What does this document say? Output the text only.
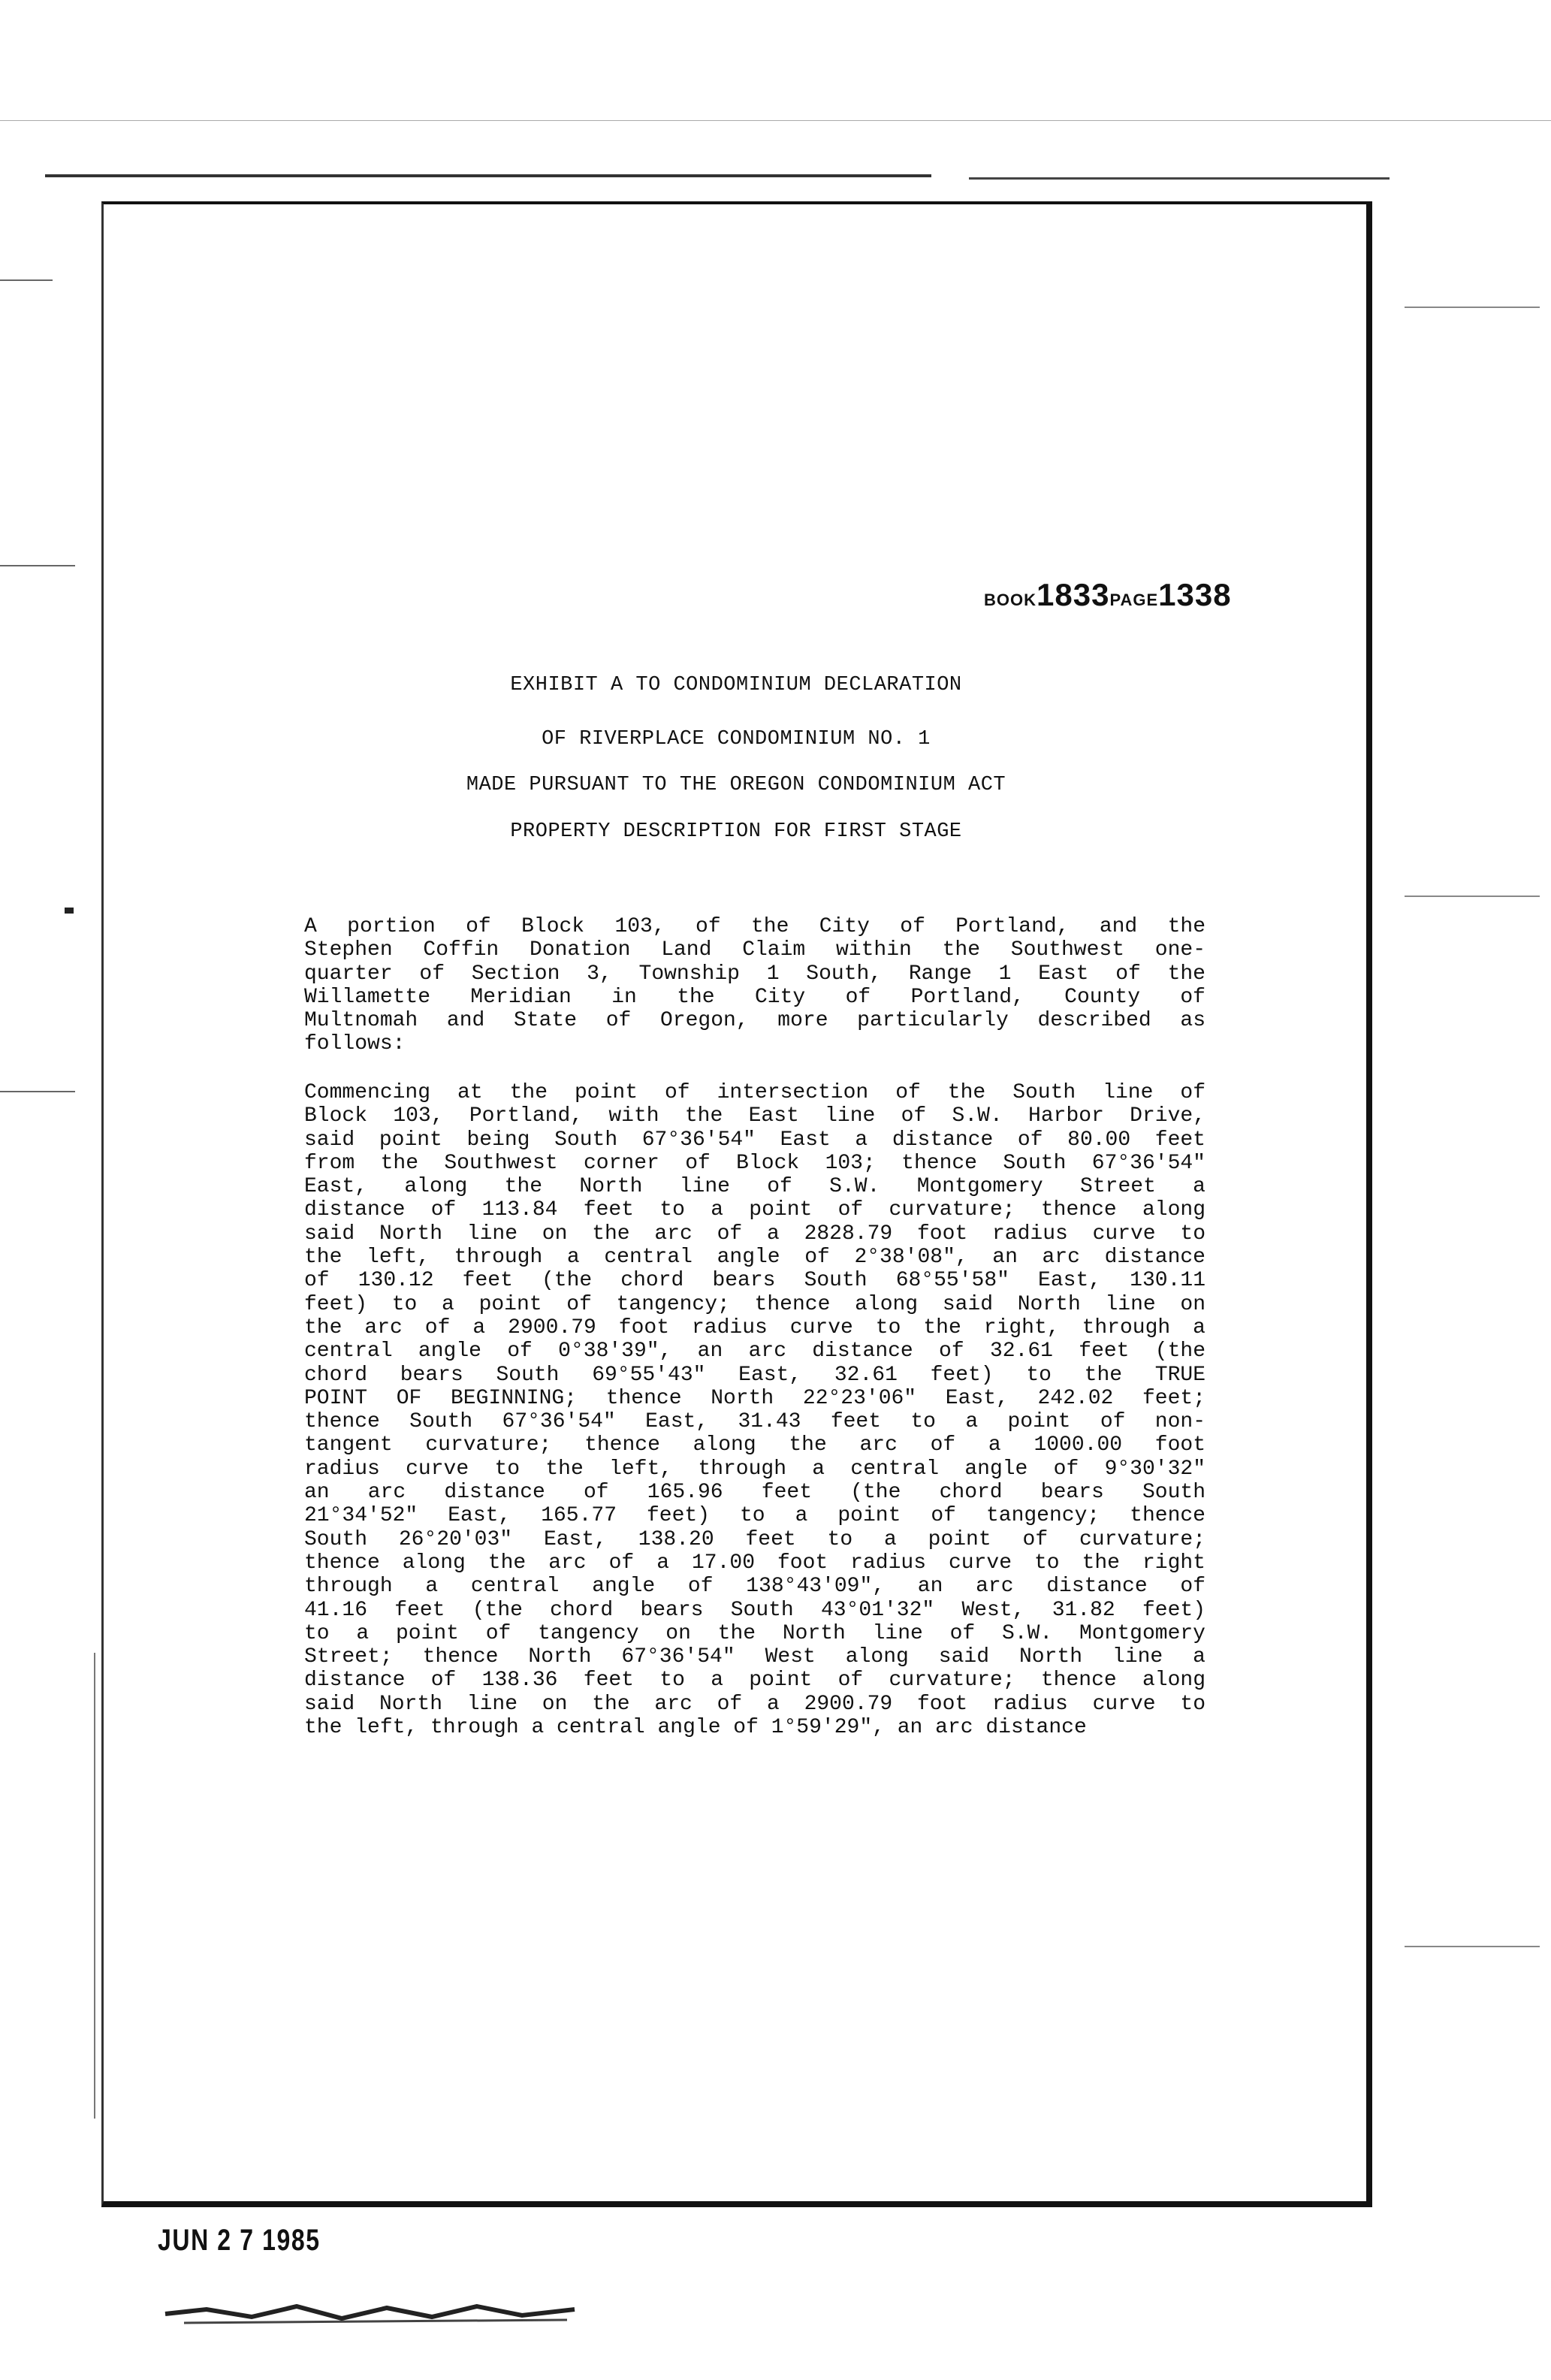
BOOK1833PAGE1338
EXHIBIT A TO CONDOMINIUM DECLARATION
OF RIVERPLACE CONDOMINIUM NO. 1
MADE PURSUANT TO THE OREGON CONDOMINIUM ACT
PROPERTY DESCRIPTION FOR FIRST STAGE
A portion of Block 103, of the City of Portland, and the
Stephen Coffin Donation Land Claim within the Southwest one-
quarter of Section 3, Township 1 South, Range 1 East of the
Willamette Meridian in the City of Portland, County of
Multnomah and State of Oregon, more particularly described as
follows:
Commencing at the point of intersection of the South line of
Block 103, Portland, with the East line of S.W. Harbor Drive,
said point being South 67°36'54" East a distance of 80.00 feet
from the Southwest corner of Block 103; thence South 67°36'54"
East, along the North line of S.W. Montgomery Street a
distance of 113.84 feet to a point of curvature; thence along
said North line on the arc of a 2828.79 foot radius curve to
the left, through a central angle of 2°38'08", an arc distance
of 130.12 feet (the chord bears South 68°55'58" East, 130.11
feet) to a point of tangency; thence along said North line on
the arc of a 2900.79 foot radius curve to the right, through a
central angle of 0°38'39", an arc distance of 32.61 feet (the
chord bears South 69°55'43" East, 32.61 feet) to the TRUE
POINT OF BEGINNING; thence North 22°23'06" East, 242.02 feet;
thence South 67°36'54" East, 31.43 feet to a point of non-
tangent curvature; thence along the arc of a 1000.00 foot
radius curve to the left, through a central angle of 9°30'32"
an arc distance of 165.96 feet (the chord bears South
21°34'52" East, 165.77 feet) to a point of tangency; thence
South 26°20'03" East, 138.20 feet to a point of curvature;
thence along the arc of a 17.00 foot radius curve to the right
through a central angle of 138°43'09", an arc distance of
41.16 feet (the chord bears South 43°01'32" West, 31.82 feet)
to a point of tangency on the North line of S.W. Montgomery
Street; thence North 67°36'54" West along said North line a
distance of 138.36 feet to a point of curvature; thence along
said North line on the arc of a 2900.79 foot radius curve to
the left, through a central angle of 1°59'29", an arc distance
JUN 2 7 1985
